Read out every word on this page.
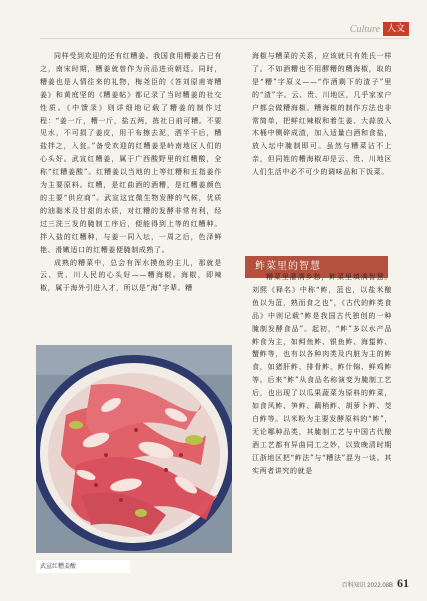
Culture 人文

同样受到欢迎的还有红糟姜。我国食用糟姜古已有之，南宋时期，糟姜就曾作为贡品进贡朝廷。同时，糟姜也是人情往来的礼物，梅尧臣的《答刘原甫寄糟姜》和黄庭坚的《糟姜帖》都记录了当时糟姜的社交性质。《中馈录》则详细地记载了糟姜的制作过程：“姜一斤，糟一斤，盐五两，拣社日前可糟。不要见水，不可损了姜皮，用干布擦去泥，洒半干后，糟盐拌之，入瓮。”备受欢迎的红糟姜是岭南地区人们的心头好。武宣红糟姜，属于广西酸野里的红糟酸，全称“红糟姜酸”。红糟姜以当地的上等红糟和五指姜作为主要原料。红糟，是红曲酒的酒糟，是红糟姜颜色的主要“供应商”。武宣这宜微生物发酵的气候，优质的油黏米及甘甜的水质，对红糟的发酵非常有利，经过三洗三发的腌制工序后，便能得到上等的红糟种。拌入盐的红糟种，与姜一同入坛，一周之后，色泽鲜艳、滑嫩适口的红糟姜便腌制成熟了。

成熟的糟菜中，总会有浑水摸鱼的主儿，那就是云、贵、川人民的心头好——糟海椒。海椒，即辣椒，属于海外引进入才，所以是“海”字辈。糟

武宣红糟姜酸

海椒与糟菜的关系，应该就只有姓氏一样了。不如酒糟也不用醪糟的糟海椒，取的是“糟”字原义——“作酒剩下的渣子”里的“渣”字。云、贵、川地区，几乎家家户户都会做糟海椒。糟海椒的制作方法也非常简单，把鲜红辣椒和着生姜、大蒜放入木桶中铡碎成渣，加入适量白酒和食盐，放入坛中腌制即可。虽然与糟菜沾不上亲，但同姓的糟海椒却是云、贵、川地区人们生活中必不可少的调味品和下饭菜。

鲊菜里的智慧

糟菜里灌满乡愁，鲊菜里填满智慧。刘熙《释名》中称“鲊，菹也，以盐米酿鱼以为菹，熟而食之也”，《古代的鲊类食品》中则记载“鲊是我国古代独创的一种腌制发酵食品”。起初，“鲊”多以水产品鲊食为主，如鲟鱼鲊、银鱼鲊、海蜇鲊、蟹鲊等，也有以各种肉类及内脏为主的鲊食，如猪肝鲊、排骨鲊、鲊什锦、鲜鸡鲊等。后来“鲊”从食品名称演变为腌制工艺后，也出现了以瓜果蔬菜为原料的鲊菜，如食风鲊、笋鲊、藕梢鲊、胡萝卜鲊、茭白鲊等。以米粉为主要发酵原料的“鲊”，无论哪种品类，其腌制工艺与中国古代酿酒工艺都有异曲同工之妙，以致晚清时期江浙地区把“鲊法”与“糟法”混为一谈。其实两者讲究的就是

百科知识 2022.08B 61
